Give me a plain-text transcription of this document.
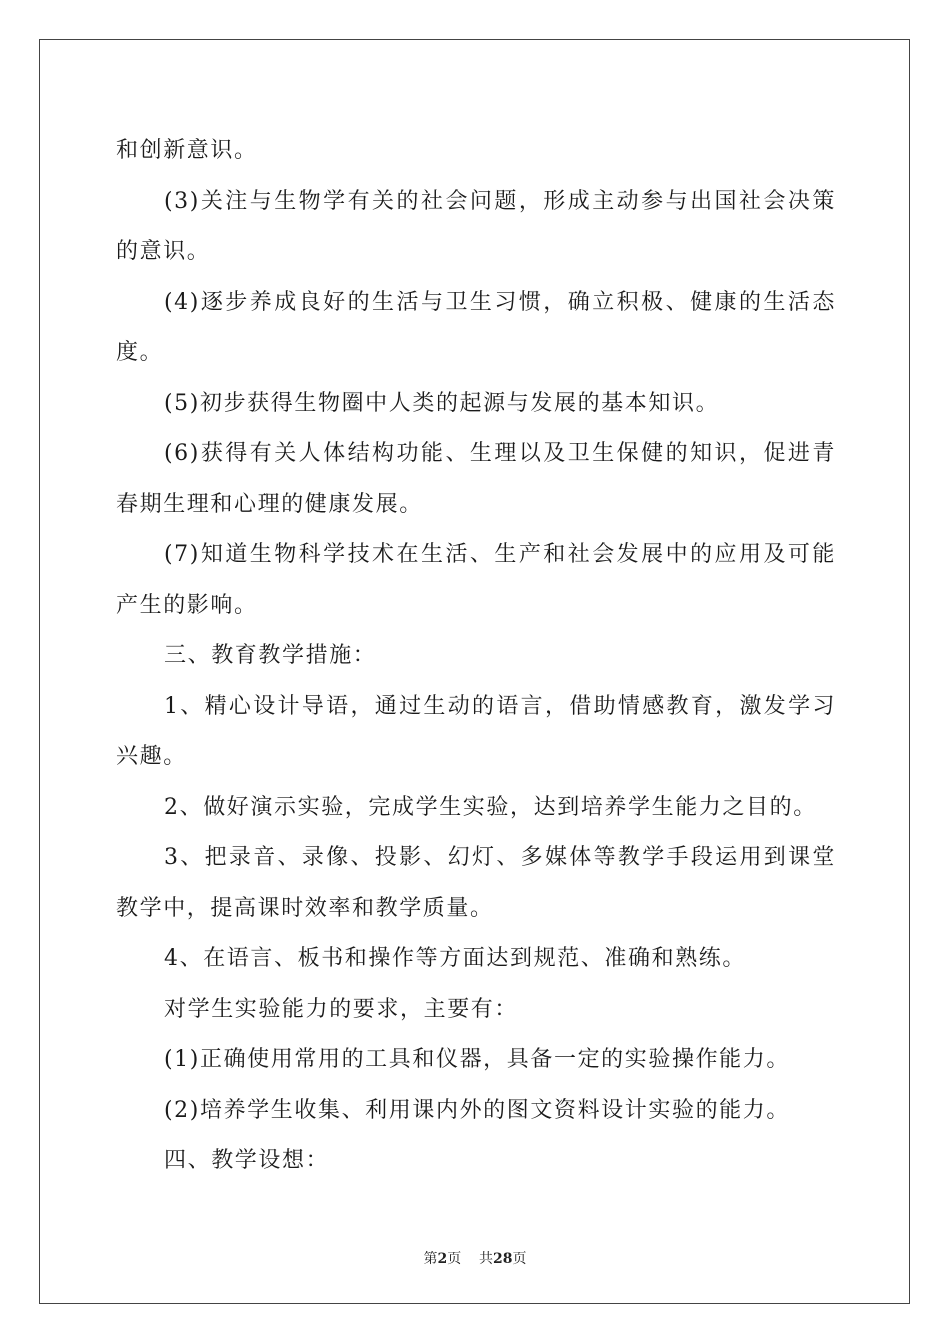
和创新意识。

(3)关注与生物学有关的社会问题，形成主动参与出国社会决策的意识。

(4)逐步养成良好的生活与卫生习惯，确立积极、健康的生活态度。

(5)初步获得生物圈中人类的起源与发展的基本知识。

(6)获得有关人体结构功能、生理以及卫生保健的知识，促进青春期生理和心理的健康发展。

(7)知道生物科学技术在生活、生产和社会发展中的应用及可能产生的影响。

三、教育教学措施：

1、精心设计导语，通过生动的语言，借助情感教育，激发学习兴趣。

2、做好演示实验，完成学生实验，达到培养学生能力之目的。

3、把录音、录像、投影、幻灯、多媒体等教学手段运用到课堂教学中，提高课时效率和教学质量。

4、在语言、板书和操作等方面达到规范、准确和熟练。

对学生实验能力的要求，主要有：

(1)正确使用常用的工具和仪器，具备一定的实验操作能力。

(2)培养学生收集、利用课内外的图文资料设计实验的能力。

四、教学设想：

第2页 共28页
